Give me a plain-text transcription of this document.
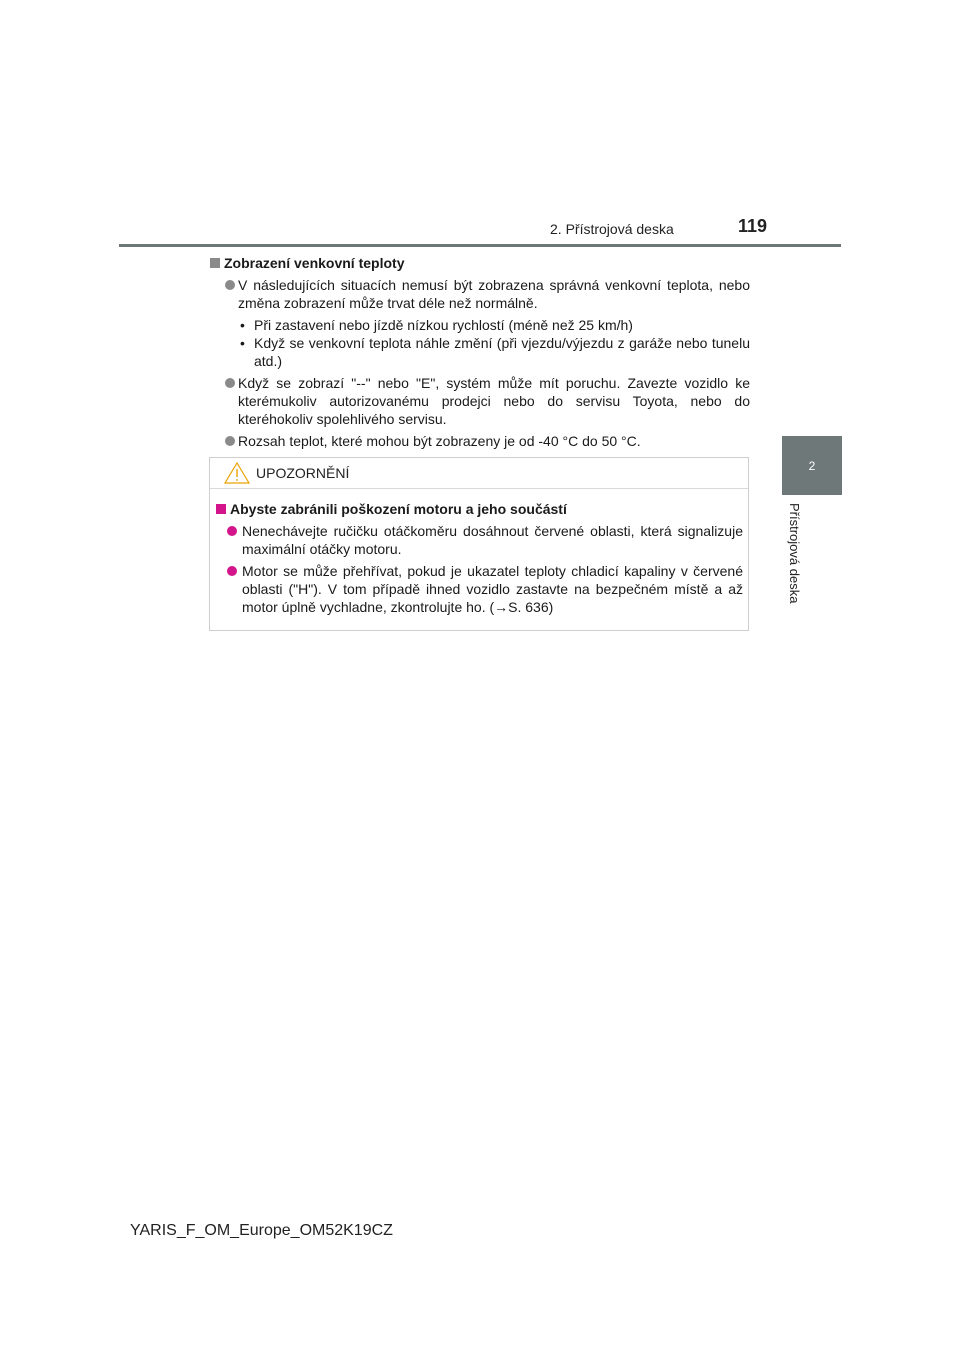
2. Přístrojová deska	119
2
Přístrojová deska
Zobrazení venkovní teploty
V následujících situacích nemusí být zobrazena správná venkovní teplota, nebo změna zobrazení může trvat déle než normálně.
• Při zastavení nebo jízdě nízkou rychlostí (méně než 25 km/h)
• Když se venkovní teplota náhle změní (při vjezdu/výjezdu z garáže nebo tunelu atd.)
Když se zobrazí "--" nebo "E", systém může mít poruchu. Zavezte vozidlo ke kterémukoliv autorizovanému prodejci nebo do servisu Toyota, nebo do kteréhokoliv spolehlivého servisu.
Rozsah teplot, které mohou být zobrazeny je od -40 °C do 50 °C.
UPOZORNĚNÍ
Abyste zabránili poškození motoru a jeho součástí
Nenechávejte ručičku otáčkoměru dosáhnout červené oblasti, která signalizuje maximální otáčky motoru.
Motor se může přehřívat, pokud je ukazatel teploty chladicí kapaliny v červené oblasti ("H"). V tom případě ihned vozidlo zastavte na bezpečném místě a až motor úplně vychladne, zkontrolujte ho. (→S. 636)
YARIS_F_OM_Europe_OM52K19CZ
